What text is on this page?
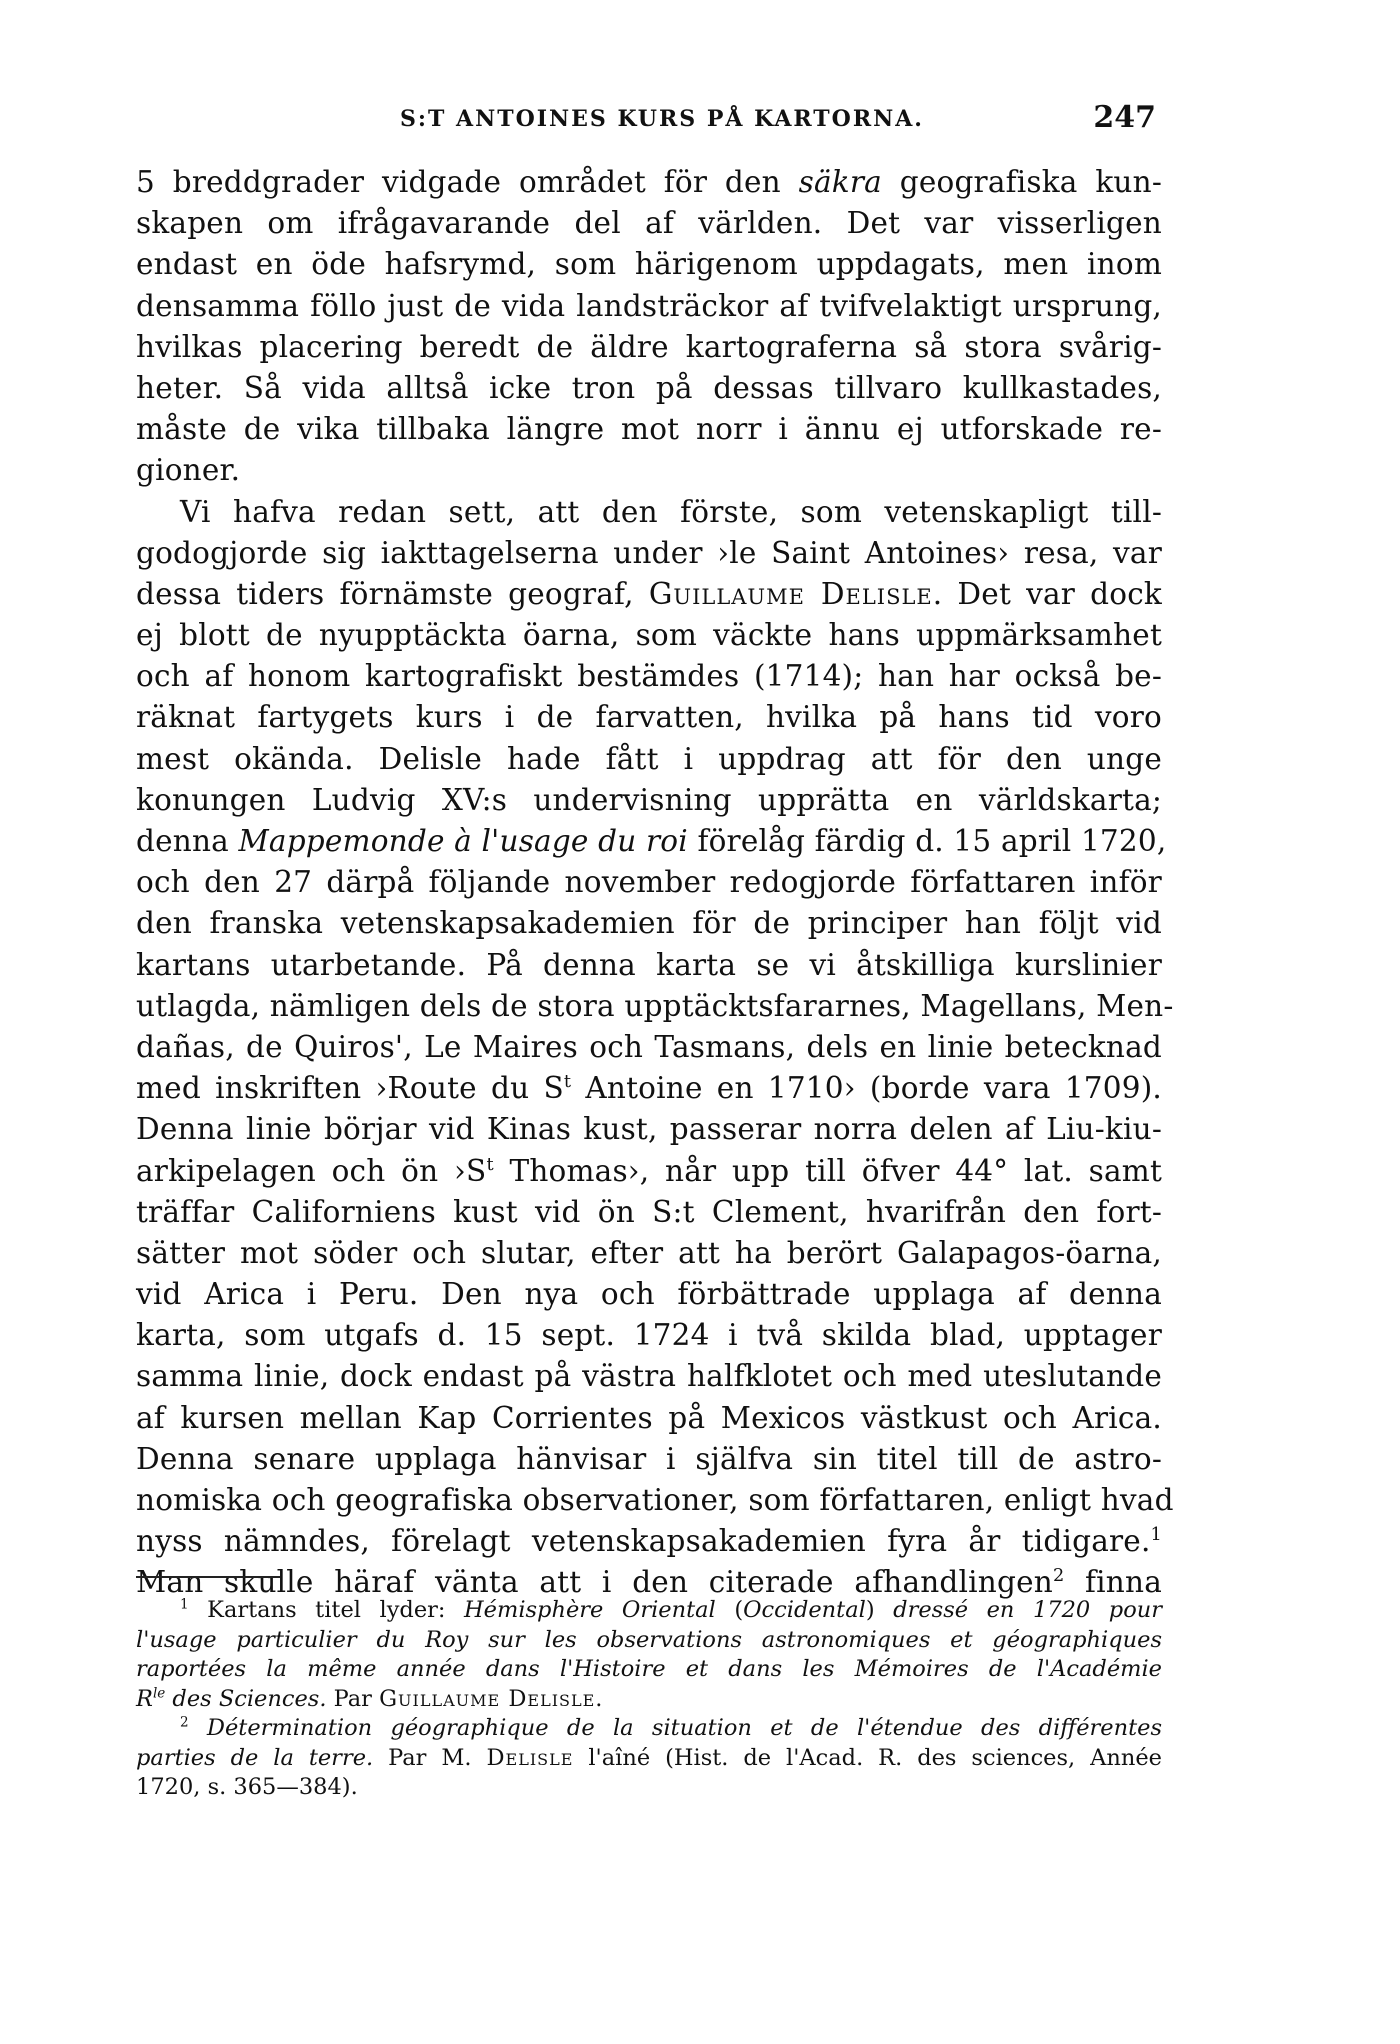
S:T ANTOINES KURS PÅ KARTORNA.	247
5 breddgrader vidgade området för den säkra geografiska kun-
skapen om ifrågavarande del af världen. Det var visserligen
endast en öde hafsrymd, som härigenom uppdagats, men inom
densamma föllo just de vida landsträckor af tvifvelaktigt ursprung,
hvilkas placering beredt de äldre kartograferna så stora svårig-
heter. Så vida alltså icke tron på dessas tillvaro kullkastades,
måste de vika tillbaka längre mot norr i ännu ej utforskade re-
gioner.
Vi hafva redan sett, att den förste, som vetenskapligt till-
godogjorde sig iakttagelserna under ›le Saint Antoines› resa, var
dessa tiders förnämste geograf, Guillaume Delisle. Det var dock
ej blott de nyupptäckta öarna, som väckte hans uppmärksamhet
och af honom kartografiskt bestämdes (1714); han har också be-
räknat fartygets kurs i de farvatten, hvilka på hans tid voro
mest okända. Delisle hade fått i uppdrag att för den unge
konungen Ludvig XV:s undervisning upprätta en världskarta;
denna Mappemonde à l'usage du roi förelåg färdig d. 15 april 1720,
och den 27 därpå följande november redogjorde författaren inför
den franska vetenskapsakademien för de principer han följt vid
kartans utarbetande. På denna karta se vi åtskilliga kurslinier
utlagda, nämligen dels de stora upptäcktsfararnes, Magellans, Men-
dañas, de Quiros', Le Maires och Tasmans, dels en linie betecknad
med inskriften ›Route du $S^t$ Antoine en 1710› (borde vara 1709).
Denna linie börjar vid Kinas kust, passerar norra delen af Liu-kiu-
arkipelagen och ön $›S^t$ Thomas›, når upp till öfver 44° lat. samt
träffar Californiens kust vid ön S:t Clement, hvarifrån den fort-
sätter mot söder och slutar, efter att ha berört Galapagos-öarna,
vid Arica i Peru. Den nya och förbättrade upplaga af denna
karta, som utgafs d. 15 sept. 1724 i två skilda blad, upptager
samma linie, dock endast på västra halfklotet och med uteslutande
af kursen mellan Kap Corrientes på Mexicos västkust och Arica.
Denna senare upplaga hänvisar i själfva sin titel till de astro-
nomiska och geografiska observationer, som författaren, enligt hvad
nyss nämndes, förelagt vetenskapsakademien fyra år tidigare.$^1$
Man skulle häraf vänta att i den citerade afhandlingen$^2$ finna
$^1$ Kartans titel lyder: Hémisphère Oriental (Occidental) dressé en 1720 pour
l'usage particulier du Roy sur les observations astronomiques et géographiques
raportées la même année dans l'Histoire et dans les Mémoires de l'Académie
$R^{le}$ des Sciences. Par Guillaume Delisle.
$^2$ Détermination géographique de la situation et de l'étendue des différentes
parties de la terre. Par M. Delisle l'aîné (Hist. de l'Acad. R. des sciences, Année
1720, s. 365—384).
